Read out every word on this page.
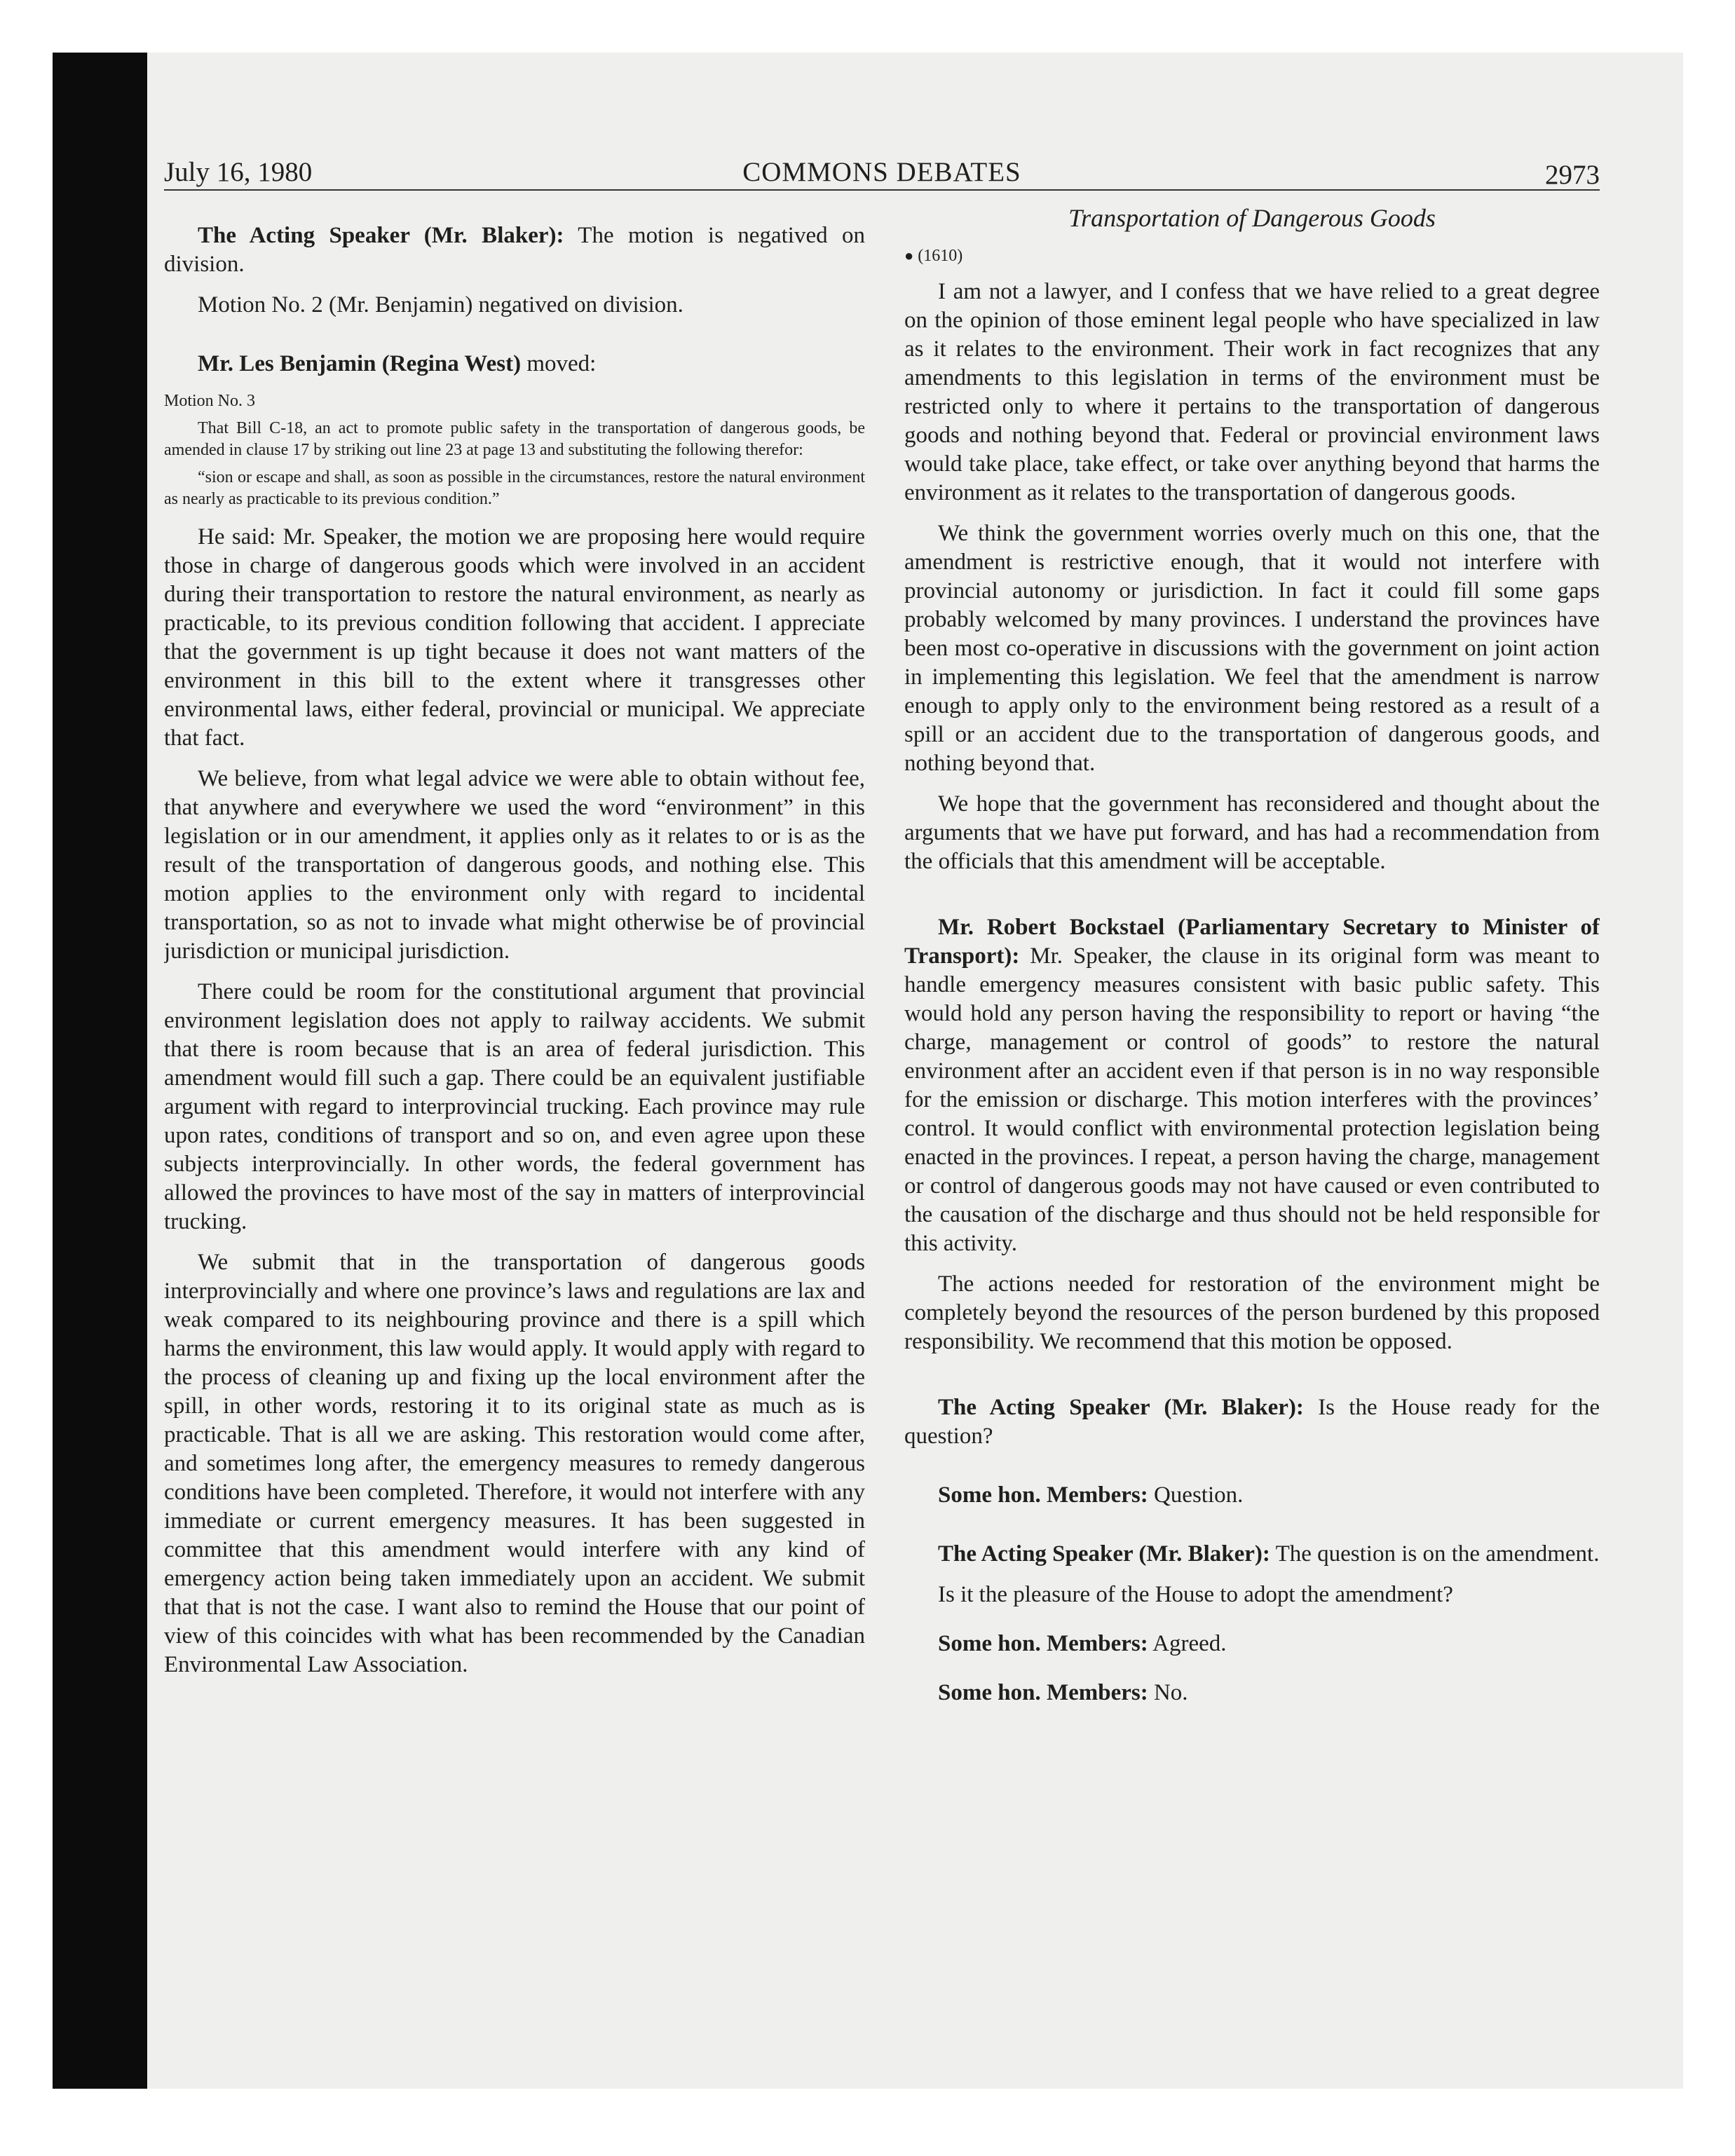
July 16, 1980	COMMONS DEBATES	2973

The Acting Speaker (Mr. Blaker): The motion is negatived on division.

Motion No. 2 (Mr. Benjamin) negatived on division.

Mr. Les Benjamin (Regina West) moved:

Motion No. 3

That Bill C-18, an act to promote public safety in the transportation of dangerous goods, be amended in clause 17 by striking out line 23 at page 13 and substituting the following therefor:

“sion or escape and shall, as soon as possible in the circumstances, restore the natural environment as nearly as practicable to its previous condition.”

He said: Mr. Speaker, the motion we are proposing here would require those in charge of dangerous goods which were involved in an accident during their transportation to restore the natural environment, as nearly as practicable, to its previous condition following that accident. I appreciate that the government is up tight because it does not want matters of the environment in this bill to the extent where it transgresses other environmental laws, either federal, provincial or municipal. We appreciate that fact.

We believe, from what legal advice we were able to obtain without fee, that anywhere and everywhere we used the word “environment” in this legislation or in our amendment, it applies only as it relates to or is as the result of the transportation of dangerous goods, and nothing else. This motion applies to the environment only with regard to incidental transportation, so as not to invade what might otherwise be of provincial jurisdiction or municipal jurisdiction.

There could be room for the constitutional argument that provincial environment legislation does not apply to railway accidents. We submit that there is room because that is an area of federal jurisdiction. This amendment would fill such a gap. There could be an equivalent justifiable argument with regard to interprovincial trucking. Each province may rule upon rates, conditions of transport and so on, and even agree upon these subjects interprovincially. In other words, the federal government has allowed the provinces to have most of the say in matters of interprovincial trucking.

We submit that in the transportation of dangerous goods interprovincially and where one province’s laws and regulations are lax and weak compared to its neighbouring province and there is a spill which harms the environment, this law would apply. It would apply with regard to the process of cleaning up and fixing up the local environment after the spill, in other words, restoring it to its original state as much as is practicable. That is all we are asking. This restoration would come after, and sometimes long after, the emergency measures to remedy dangerous conditions have been completed. Therefore, it would not interfere with any immediate or current emergency measures. It has been suggested in committee that this amendment would interfere with any kind of emergency action being taken immediately upon an accident. We submit that that is not the case. I want also to remind the House that our point of view of this coincides with what has been recommended by the Canadian Environmental Law Association.

Transportation of Dangerous Goods
● (1610)

I am not a lawyer, and I confess that we have relied to a great degree on the opinion of those eminent legal people who have specialized in law as it relates to the environment. Their work in fact recognizes that any amendments to this legislation in terms of the environment must be restricted only to where it pertains to the transportation of dangerous goods and nothing beyond that. Federal or provincial environment laws would take place, take effect, or take over anything beyond that harms the environment as it relates to the transportation of dangerous goods.

We think the government worries overly much on this one, that the amendment is restrictive enough, that it would not interfere with provincial autonomy or jurisdiction. In fact it could fill some gaps probably welcomed by many provinces. I understand the provinces have been most co-operative in discussions with the government on joint action in implementing this legislation. We feel that the amendment is narrow enough to apply only to the environment being restored as a result of a spill or an accident due to the transportation of dangerous goods, and nothing beyond that.

We hope that the government has reconsidered and thought about the arguments that we have put forward, and has had a recommendation from the officials that this amendment will be acceptable.

Mr. Robert Bockstael (Parliamentary Secretary to Minister of Transport): Mr. Speaker, the clause in its original form was meant to handle emergency measures consistent with basic public safety. This would hold any person having the responsibility to report or having “the charge, management or control of goods” to restore the natural environment after an accident even if that person is in no way responsible for the emission or discharge. This motion interferes with the provinces’ control. It would conflict with environmental protection legislation being enacted in the provinces. I repeat, a person having the charge, management or control of dangerous goods may not have caused or even contributed to the causation of the discharge and thus should not be held responsible for this activity.

The actions needed for restoration of the environment might be completely beyond the resources of the person burdened by this proposed responsibility. We recommend that this motion be opposed.

The Acting Speaker (Mr. Blaker): Is the House ready for the question?

Some hon. Members: Question.

The Acting Speaker (Mr. Blaker): The question is on the amendment.

Is it the pleasure of the House to adopt the amendment?

Some hon. Members: Agreed.

Some hon. Members: No.
